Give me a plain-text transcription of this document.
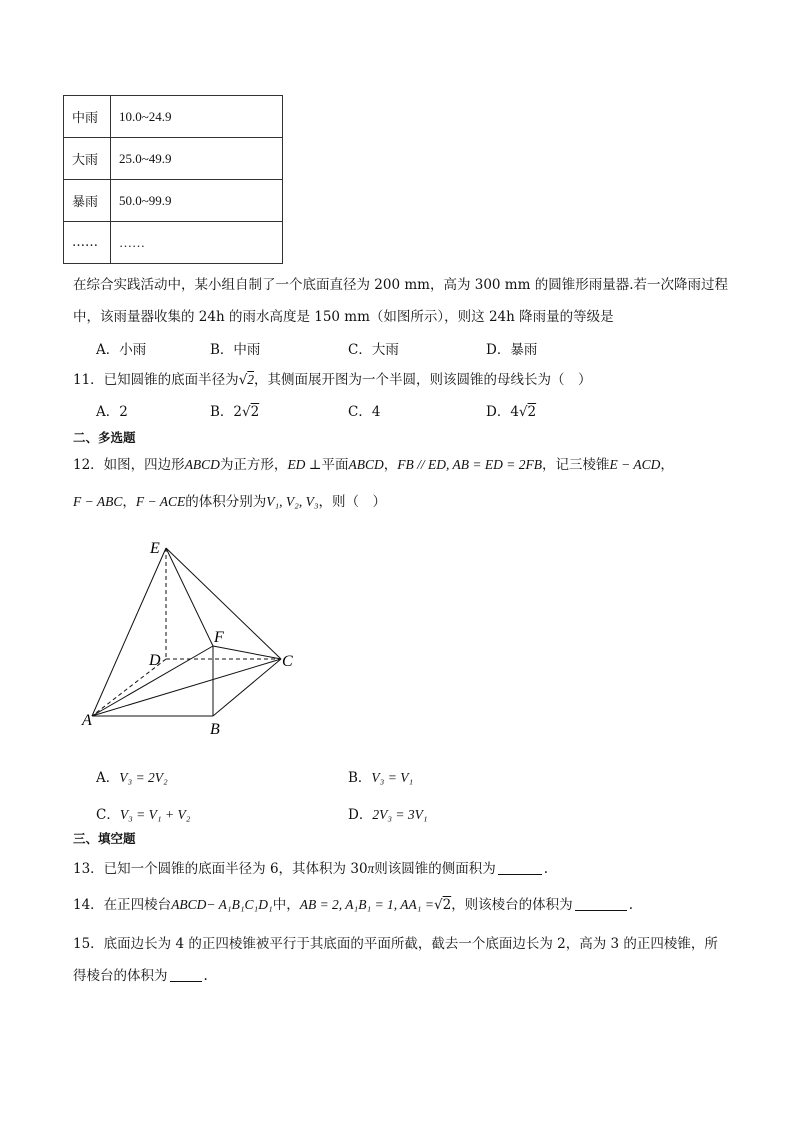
中雨	10.0~24.9
大雨	25.0~49.9
暴雨	50.0~99.9
……	……
在综合实践活动中，某小组自制了一个底面直径为 200 mm，高为 300 mm 的圆锥形雨量器.若一次降雨过程
中，该雨量器收集的 24h 的雨水高度是 150 mm（如图所示），则这 24h 降雨量的等级是
A．小雨	B．中雨	C．大雨	D．暴雨
11．已知圆锥的底面半径为√2，其侧面展开图为一个半圆，则该圆锥的母线长为（　）
A．2	B．2√2	C．4	D．4√2
二、多选题
12．如图，四边形ABCD为正方形，ED ⊥平面ABCD，FB // ED, AB = ED = 2FB，记三棱锥E − ACD，
F − ABC，F − ACE的体积分别为V₁, V₂, V₃，则（　）
E
F
D	C
A
B
A．V₃ = 2V₂	B．V₃ = V₁
C．V₃ = V₁ + V₂	D．2V₃ = 3V₁
三、填空题
13．已知一个圆锥的底面半径为 6，其体积为 30π则该圆锥的侧面积为	.
14．在正四棱台ABCD− A₁B₁C₁D₁中，AB = 2, A₁B₁ = 1, AA₁ =√2，则该棱台的体积为	.
15．底面边长为 4 的正四棱锥被平行于其底面的平面所截，截去一个底面边长为 2，高为 3 的正四棱锥，所
得棱台的体积为	.
